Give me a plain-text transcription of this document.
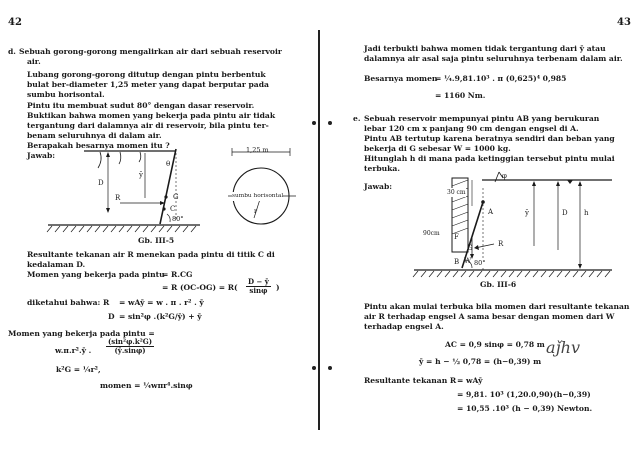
42
d. Sebuah gorong-gorong mengalirkan air dari sebuah reservoir
air.
Lubang gorong-gorong ditutup dengan pintu berbentuk
bulat ber-diameter 1,25 meter yang dapat berputar pada
sumbu horisontal.
Pintu itu membuat sudut 80° dengan dasar reservoir.
Buktikan bahwa momen yang bekerja pada pintu air tidak
tergantung dari dalamnya air di reservoir, bila pintu ter-
benam seluruhnya di dalam air.
Berapakah besarnya momen itu ?
Jawab:
D
R	G
C
θ
ȳ
80°
1,25 m
sumbu horisontal
r
Gb. III-5
Resultante tekanan air R menekan pada pintu di titik C di
kedalaman D.
Momen yang bekerja pada pintu
= R.CG
= R $(OC-OG) = R( \frac{D - ȳ}{\sin\varphi}$ )
diketahui bahwa: R = wAȳ = w . π . r² . ȳ
D = sin²φ .(k²G/ȳ) + ȳ
Momen yang bekerja pada pintu =
w.π.r².ȳ . $\frac{\text{(sin²φ.k²G)}}{(ȳ.\sin\varphi)}$
k²G = ¼r²,
momen = ¼wπr⁴.sinφ
43
Jadi terbukti bahwa momen tidak tergantung dari ȳ atau
dalamnya air asal saja pintu seluruhnya terbenam dalam air.
Besarnya momen
= ¼.9,81.10³ . π (0,625)⁴ 0,985
= 1160 Nm.
e. Sebuah reservoir mempunyai pintu AB yang berukuran
lebar 120 cm x panjang 90 cm dengan engsel di A.
Pintu AB tertutup karena beratnya sendiri dan beban yang
bekerja di G sebesar W = 1000 kg.
Hitunglah h di mana pada ketinggian tersebut pintu mulai
terbuka.
Jawab:
30 cm
90cm
φ
A
B
F
G
W
R
ȳ	D h
80°
Gb. III-6
Pintu akan mulai terbuka bila momen dari resultante tekanan
air R terhadap engsel A sama besar dengan momen dari W
terhadap engsel A.
AC = 0,9 sinφ = 0,78 m
ȳ = h − ½ 0,78 = (h−0,39) m
Resultante tekanan R = wAȳ
= 9,81. 10³ (1,20.0,90)(h−0,39)
= 10,55 .10³ (h − 0,39) Newton.
aǰhv
